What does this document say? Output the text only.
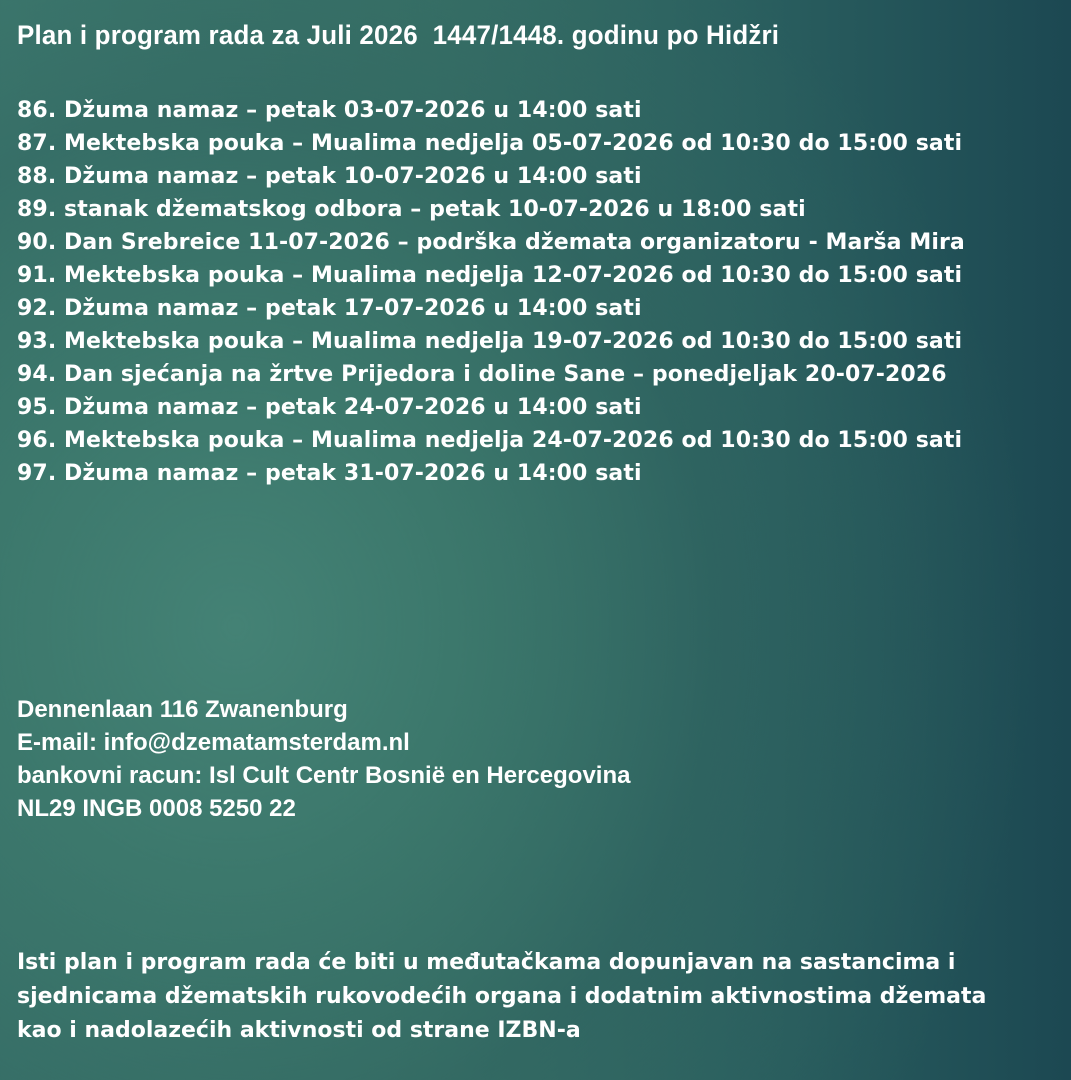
Plan i program rada za Juli 2026  1447/1448. godinu po Hidžri
86. Džuma namaz – petak 03-07-2026 u 14:00 sati
87. Mektebska pouka – Mualima nedjelja 05-07-2026 od 10:30 do 15:00 sati
88. Džuma namaz – petak 10-07-2026 u 14:00 sati
89. stanak džematskog odbora – petak 10-07-2026 u 18:00 sati
90. Dan Srebreice 11-07-2026 – podrška džemata organizatoru - Marša Mira
91. Mektebska pouka – Mualima nedjelja 12-07-2026 od 10:30 do 15:00 sati
92. Džuma namaz – petak 17-07-2026 u 14:00 sati
93. Mektebska pouka – Mualima nedjelja 19-07-2026 od 10:30 do 15:00 sati
94. Dan sjećanja na žrtve Prijedora i doline Sane – ponedjeljak 20-07-2026
95. Džuma namaz – petak 24-07-2026 u 14:00 sati
96. Mektebska pouka – Mualima nedjelja 24-07-2026 od 10:30 do 15:00 sati
97. Džuma namaz – petak 31-07-2026 u 14:00 sati
Dennenlaan 116 Zwanenburg
E-mail: info@dzematamsterdam.nl
bankovni racun: Isl Cult Centr Bosnië en Hercegovina
NL29 INGB 0008 5250 22
Isti plan i program rada će biti u međutačkama dopunjavan na sastancima i
sjednicama džematskih rukovodećih organa i dodatnim aktivnostima džemata
kao i nadolazećih aktivnosti od strane IZBN-a
